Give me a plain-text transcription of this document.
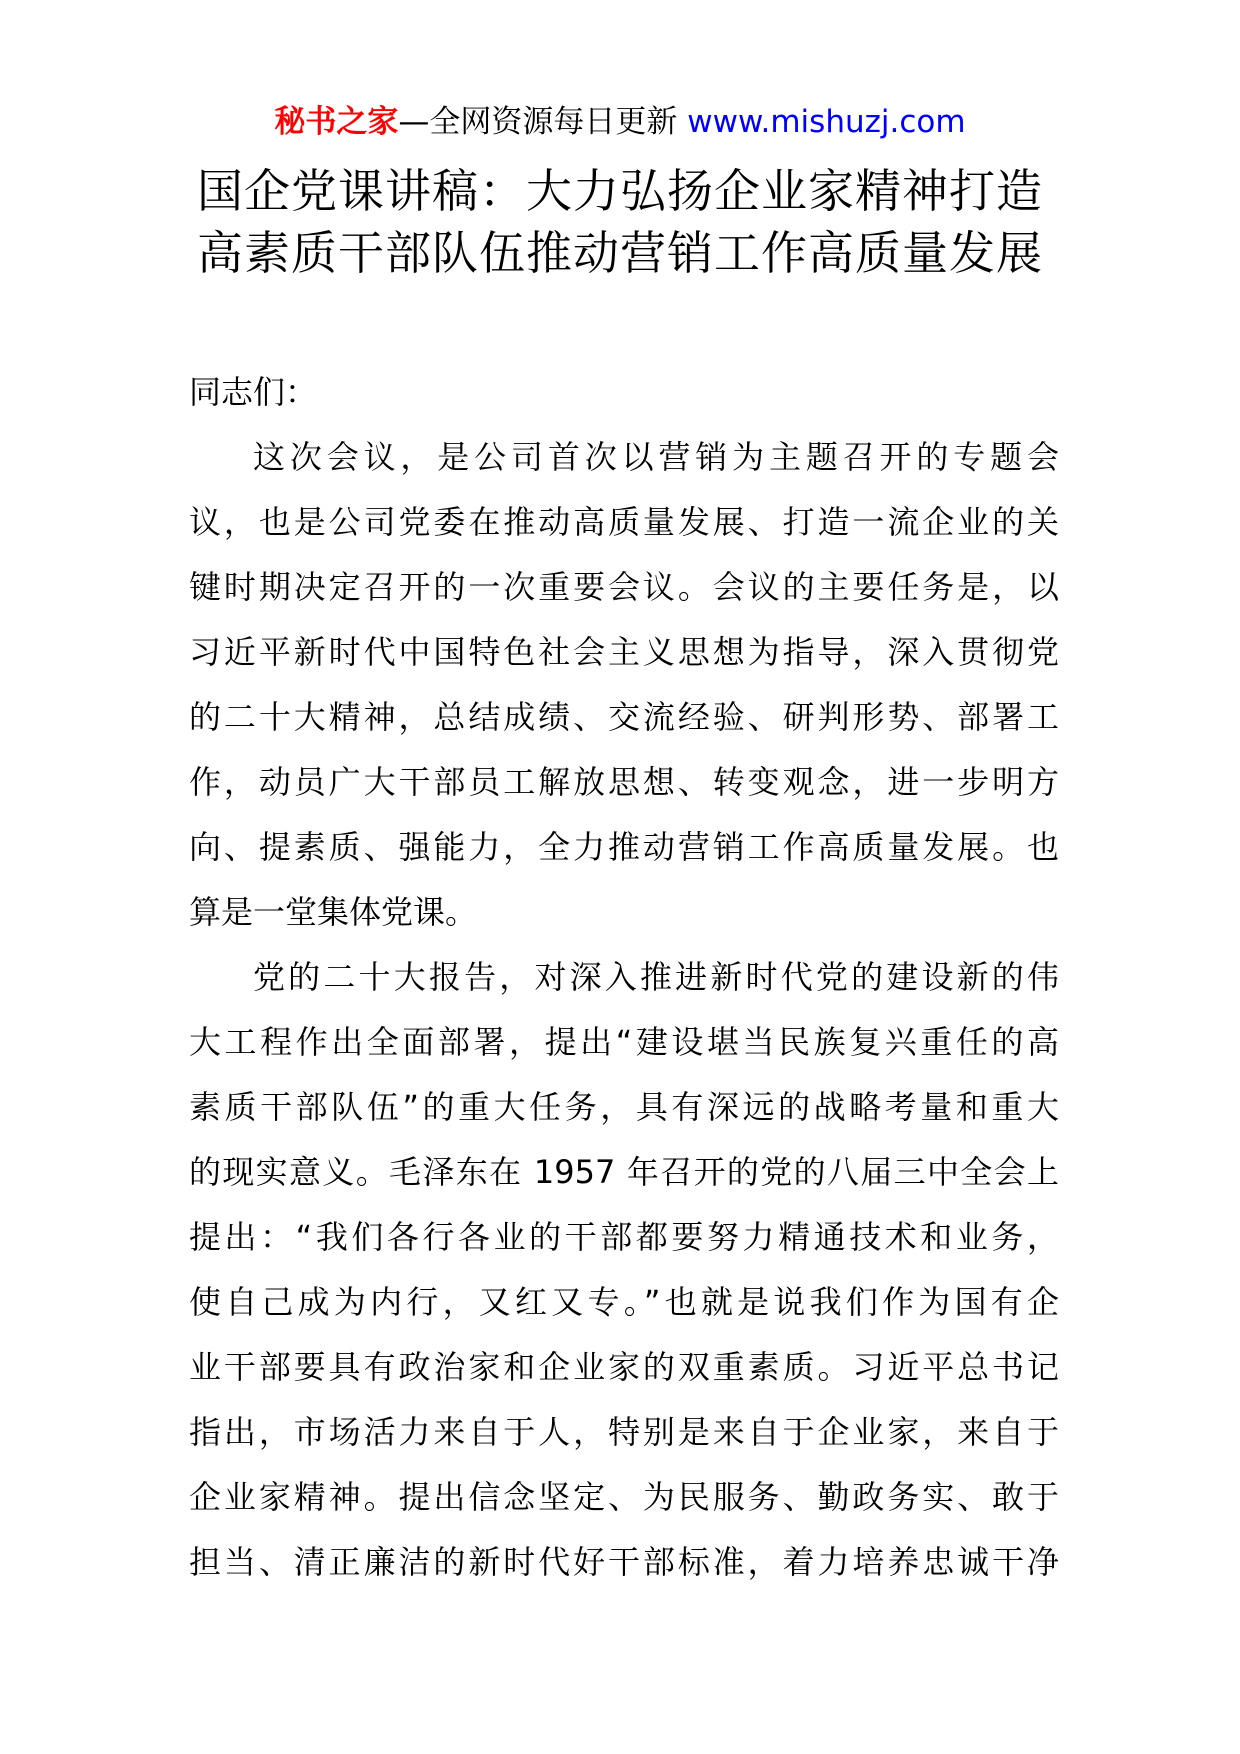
秘书之家—全网资源每日更新 www.mishuzj.com
国企党课讲稿：大力弘扬企业家精神打造
高素质干部队伍推动营销工作高质量发展

同志们：

这次会议，是公司首次以营销为主题召开的专题会
议，也是公司党委在推动高质量发展、打造一流企业的关
键时期决定召开的一次重要会议。会议的主要任务是，以
习近平新时代中国特色社会主义思想为指导，深入贯彻党
的二十大精神，总结成绩、交流经验、研判形势、部署工
作，动员广大干部员工解放思想、转变观念，进一步明方
向、提素质、强能力，全力推动营销工作高质量发展。也
算是一堂集体党课。

党的二十大报告，对深入推进新时代党的建设新的伟
大工程作出全面部署，提出“建设堪当民族复兴重任的高
素质干部队伍”的重大任务，具有深远的战略考量和重大
的现实意义。毛泽东在 1957 年召开的党的八届三中全会上
提出：“我们各行各业的干部都要努力精通技术和业务，
使自己成为内行，又红又专。”也就是说我们作为国有企
业干部要具有政治家和企业家的双重素质。习近平总书记
指出，市场活力来自于人，特别是来自于企业家，来自于
企业家精神。提出信念坚定、为民服务、勤政务实、敢于
担当、清正廉洁的新时代好干部标准，着力培养忠诚干净
